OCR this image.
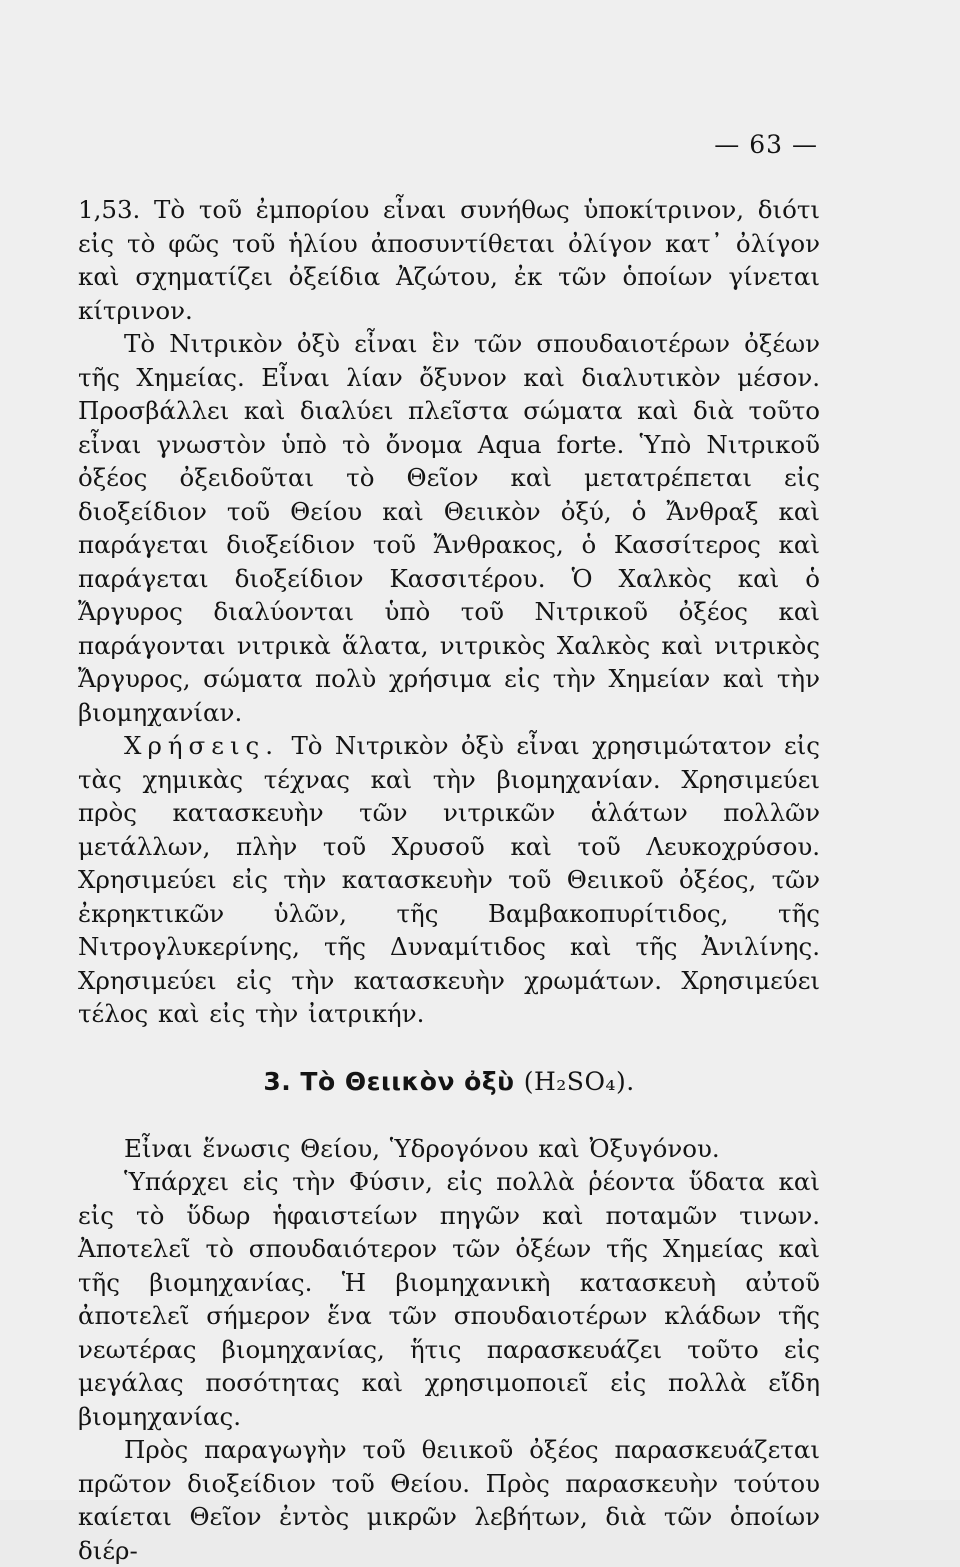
— 63 —

1,53. Τὸ τοῦ ἐμπορίου εἶναι συνήθως ὑποκίτρινον, διότι εἰς τὸ φῶς τοῦ ἡλίου ἀποσυντίθεται ὀλίγον κατ᾽ ὀλίγον καὶ σχηματίζει ὀξείδια Ἀζώτου, ἐκ τῶν ὁποίων γίνεται κίτρινον.

Τὸ Νιτρικὸν ὀξὺ εἶναι ἓν τῶν σπουδαιοτέρων ὀξέων τῆς Χημείας. Εἶναι λίαν ὄξυνον καὶ διαλυτικὸν μέσον. Προσβάλλει καὶ διαλύει πλεῖστα σώματα καὶ διὰ τοῦτο εἶναι γνωστὸν ὑπὸ τὸ ὄνομα Aqua forte. Ὑπὸ Νιτρικοῦ ὀξέος ὀξειδοῦται τὸ Θεῖον καὶ μετατρέπεται εἰς διοξείδιον τοῦ Θείου καὶ Θειικὸν ὀξύ, ὁ Ἄνθραξ καὶ παράγεται διοξείδιον τοῦ Ἄνθρακος, ὁ Κασσίτερος καὶ παράγεται διοξείδιον Κασσιτέρου. Ὁ Χαλκὸς καὶ ὁ Ἄργυρος διαλύονται ὑπὸ τοῦ Νιτρικοῦ ὀξέος καὶ παράγονται νιτρικὰ ἅλατα, νιτρικὸς Χαλκὸς καὶ νιτρικὸς Ἄργυρος, σώματα πολὺ χρήσιμα εἰς τὴν Χημείαν καὶ τὴν βιομηχανίαν.

Χρήσεις. Τὸ Νιτρικὸν ὀξὺ εἶναι χρησιμώτατον εἰς τὰς χημικὰς τέχνας καὶ τὴν βιομηχανίαν. Χρησιμεύει πρὸς κατασκευὴν τῶν νιτρικῶν ἁλάτων πολλῶν μετάλλων, πλὴν τοῦ Χρυσοῦ καὶ τοῦ Λευκοχρύσου. Χρησιμεύει εἰς τὴν κατασκευὴν τοῦ Θειικοῦ ὀξέος, τῶν ἐκρηκτικῶν ὑλῶν, τῆς Βαμβακοπυρίτιδος, τῆς Νιτρογλυκερίνης, τῆς Δυναμίτιδος καὶ τῆς Ἀνιλίνης. Χρησιμεύει εἰς τὴν κατασκευὴν χρωμάτων. Χρησιμεύει τέλος καὶ εἰς τὴν ἰατρικήν.

3. Τὸ Θειικὸν ὀξὺ (H₂SO₄).

Εἶναι ἕνωσις Θείου, Ὑδρογόνου καὶ Ὀξυγόνου.

Ὑπάρχει εἰς τὴν Φύσιν, εἰς πολλὰ ῥέοντα ὕδατα καὶ εἰς τὸ ὕδωρ ἡφαιστείων πηγῶν καὶ ποταμῶν τινων. Ἀποτελεῖ τὸ σπουδαιότερον τῶν ὀξέων τῆς Χημείας καὶ τῆς βιομηχανίας. Ἡ βιομηχανικὴ κατασκευὴ αὐτοῦ ἀποτελεῖ σήμερον ἕνα τῶν σπουδαιοτέρων κλάδων τῆς νεωτέρας βιομηχανίας, ἥτις παρασκευάζει τοῦτο εἰς μεγάλας ποσότητας καὶ χρησιμοποιεῖ εἰς πολλὰ εἴδη βιομηχανίας.

Πρὸς παραγωγὴν τοῦ θειικοῦ ὀξέος παρασκευάζεται πρῶτον διοξείδιον τοῦ Θείου. Πρὸς παρασκευὴν τούτου καίεται Θεῖον ἐντὸς μικρῶν λεβήτων, διὰ τῶν ὁποίων διέρ-
